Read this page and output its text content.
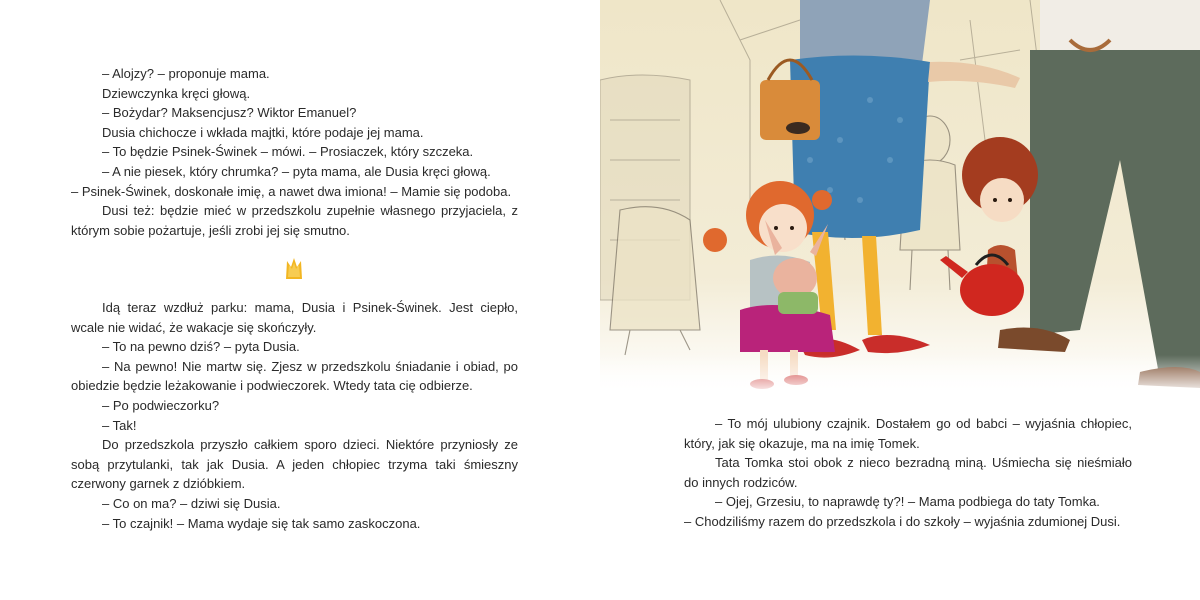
– Alojzy? – proponuje mama.

Dziewczynka kręci głową.

– Bożydar? Maksencjusz? Wiktor Emanuel?

Dusia chichocze i wkłada majtki, które podaje jej mama.

– To będzie Psinek-Świnek – mówi. – Prosiaczek, który szczeka.

– A nie piesek, który chrumka? – pyta mama, ale Dusia kręci głową.

– Psinek-Świnek, doskonałe imię, a nawet dwa imiona! – Mamie się podoba.

Dusi też: będzie mieć w przedszkolu zupełnie własnego przyjaciela, z którym sobie pożartuje, jeśli zrobi jej się smutno.

Idą teraz wzdłuż parku: mama, Dusia i Psinek-Świnek. Jest ciepło, wcale nie widać, że wakacje się skończyły.

– To na pewno dziś? – pyta Dusia.

– Na pewno! Nie martw się. Zjesz w przedszkolu śniadanie i obiad, po obiedzie będzie leżakowanie i podwieczorek. Wtedy tata cię odbierze.

– Po podwieczorku?

– Tak!

Do przedszkola przyszło całkiem sporo dzieci. Niektóre przyniosły ze sobą przytulanki, tak jak Dusia. A jeden chłopiec trzyma taki śmieszny czerwony garnek z dzióbkiem.

– Co on ma? – dziwi się Dusia.

– To czajnik! – Mama wydaje się tak samo zaskoczona.

– To mój ulubiony czajnik. Dostałem go od babci – wyjaśnia chłopiec, który, jak się okazuje, ma na imię Tomek.

Tata Tomka stoi obok z nieco bezradną miną. Uśmiecha się nieśmiało do innych rodziców.

– Ojej, Grzesiu, to naprawdę ty?! – Mama podbiega do taty Tomka.

– Chodziliśmy razem do przedszkola i do szkoły – wyjaśnia zdumionej Dusi.
